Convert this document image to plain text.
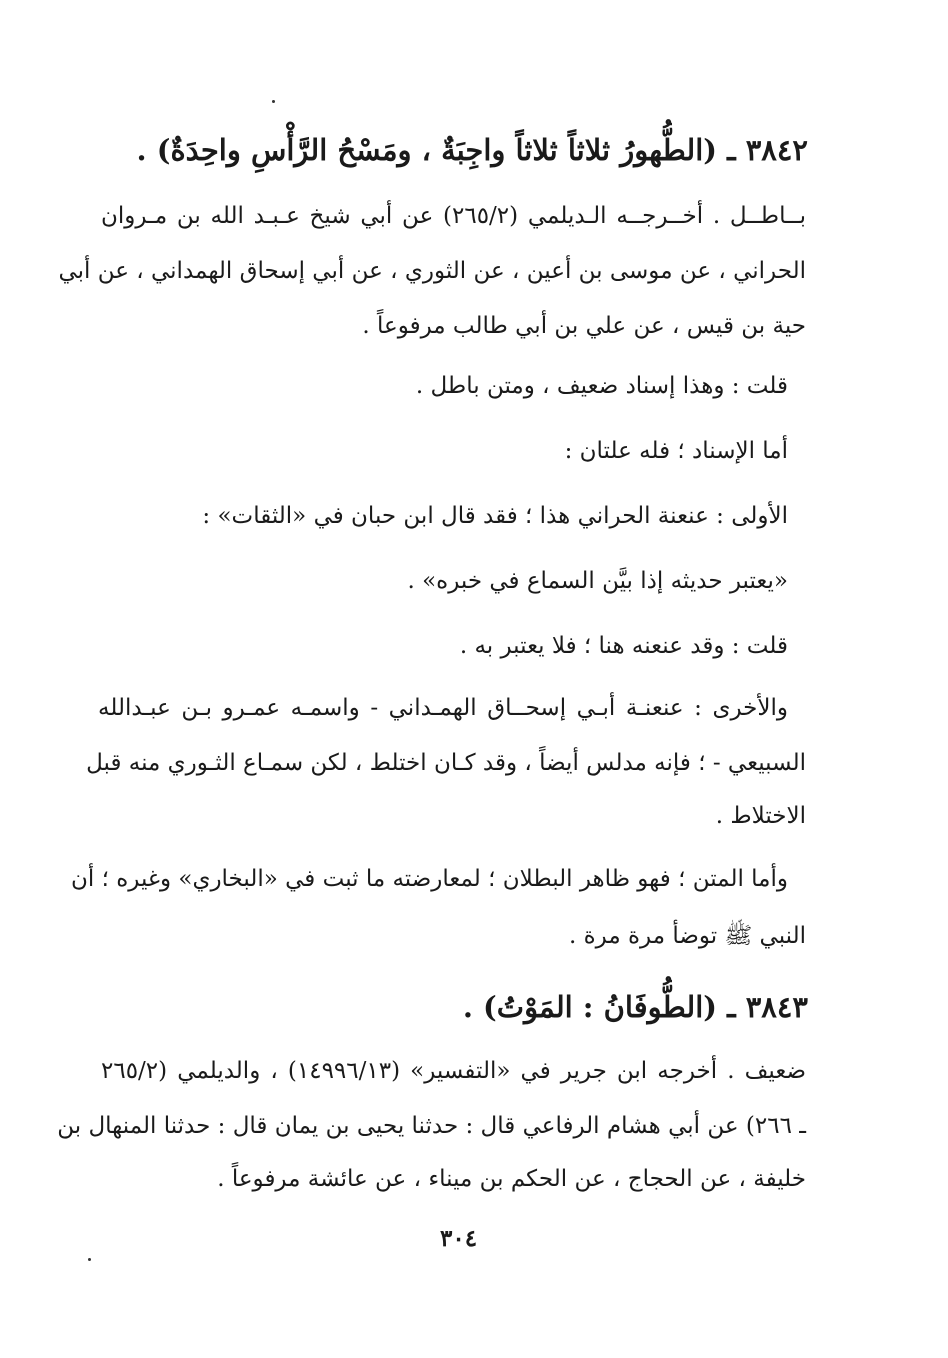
٣٨٤٢ ـ (الطُّهورُ ثلاثاً ثلاثاً واجِبَةٌ ، ومَسْحُ الرَّأْسِ واحِدَةٌ) .
بــاطــل . أخــرجــه الـديلمي (٢٦٥/٢) عن أبي شيخ عـبـد الله بن مـروان
الحراني ، عن موسى بن أعين ، عن الثوري ، عن أبي إسحاق الهمداني ، عن أبي
حية بن قيس ، عن علي بن أبي طالب مرفوعاً .
قلت : وهذا إسناد ضعيف ، ومتن باطل .
أما الإسناد ؛ فله علتان :
الأولى : عنعنة الحراني هذا ؛ فقد قال ابن حبان في «الثقات» :
«يعتبر حديثه إذا بيَّن السماع في خبره» .
قلت : وقد عنعنه هنا ؛ فلا يعتبر به .
والأخرى : عنعنـة أبـي إسحــاق الهمـداني - واسمـه عمـرو بـن عبـدالله
السبيعي - ؛ فإنه مدلس أيضاً ، وقد كـان اختلط ، لكن سمـاع الثـوري منه قبل
الاختلاط .
وأما المتن ؛ فهو ظاهر البطلان ؛ لمعارضته ما ثبت في «البخاري» وغيره ؛ أن
النبي ﷺ توضأ مرة مرة .
٣٨٤٣ ـ (الطُّوفَانُ : المَوْتُ) .
ضعيف . أخرجه ابن جرير في «التفسير» (١٤٩٩٦/١٣) ، والديلمي (٢٦٥/٢
ـ ٢٦٦) عن أبي هشام الرفاعي قال : حدثنا يحيى بن يمان قال : حدثنا المنهال بن
خليفة ، عن الحجاج ، عن الحكم بن ميناء ، عن عائشة مرفوعاً .
٣٠٤
